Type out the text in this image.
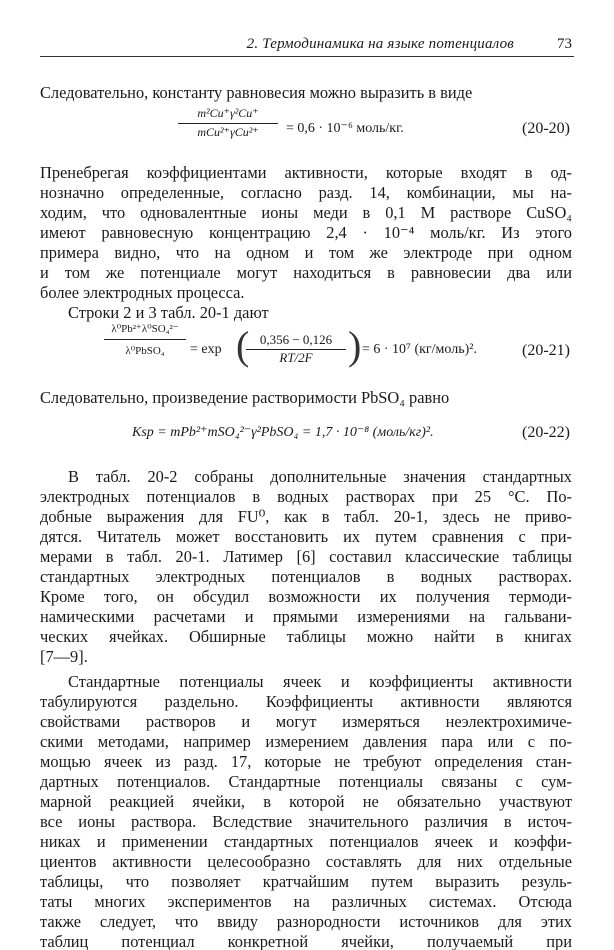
2. Термодинамика на языке потенциалов	73
Следовательно, константу равновесия можно выразить в виде
m²Cu⁺γ²Cu⁺
mCu²⁺γCu²⁺	= 0,6 · 10⁻⁶ моль/кг.	(20-20)
Пренебрегая коэффициентами активности, которые входят в од-
нозначно определенные, согласно разд. 14, комбинации, мы на-
ходим, что одновалентные ионы меди в 0,1 M растворе CuSO₄
имеют равновесную концентрацию 2,4 · 10⁻⁴ моль/кг. Из этого
примера видно, что на одном и том же электроде при одном
и том же потенциале могут находиться в равновесии два или
более электродных процесса.
Строки 2 и 3 табл. 20-1 дают
λ⁰Pb²⁺λ⁰SO₄²⁻
λ⁰PbSO₄	= exp ( 0,356 − 0,126
RT/2F ) = 6 · 10⁷ (кг/моль)².	(20-21)
Следовательно, произведение растворимости PbSO₄ равно
Ksp = mPb²⁺mSO₄²⁻γ²PbSO₄ = 1,7 · 10⁻⁸ (моль/кг)².	(20-22)
В табл. 20-2 собраны дополнительные значения стандартных
электродных потенциалов в водных растворах при 25 °C. По-
добные выражения для FU⁰, как в табл. 20-1, здесь не приво-
дятся. Читатель может восстановить их путем сравнения с при-
мерами в табл. 20-1. Латимер [6] составил классические таблицы
стандартных электродных потенциалов в водных растворах.
Кроме того, он обсудил возможности их получения термоди-
намическими расчетами и прямыми измерениями на гальвани-
ческих ячейках. Обширные таблицы можно найти в книгах
[7—9].
Стандартные потенциалы ячеек и коэффициенты активности
табулируются раздельно. Коэффициенты активности являются
свойствами растворов и могут измеряться неэлектрохимиче-
скими методами, например измерением давления пара или с по-
мощью ячеек из разд. 17, которые не требуют определения стан-
дартных потенциалов. Стандартные потенциалы связаны с сум-
марной реакцией ячейки, в которой не обязательно участвуют
все ионы раствора. Вследствие значительного различия в источ-
никах и применении стандартных потенциалов ячеек и коэффи-
циентов активности целесообразно составлять для них отдельные
таблицы, что позволяет кратчайшим путем выразить резуль-
таты многих экспериментов на различных системах. Отсюда
также следует, что ввиду разнородности источников для этих
таблиц потенциал конкретной ячейки, получаемый при
